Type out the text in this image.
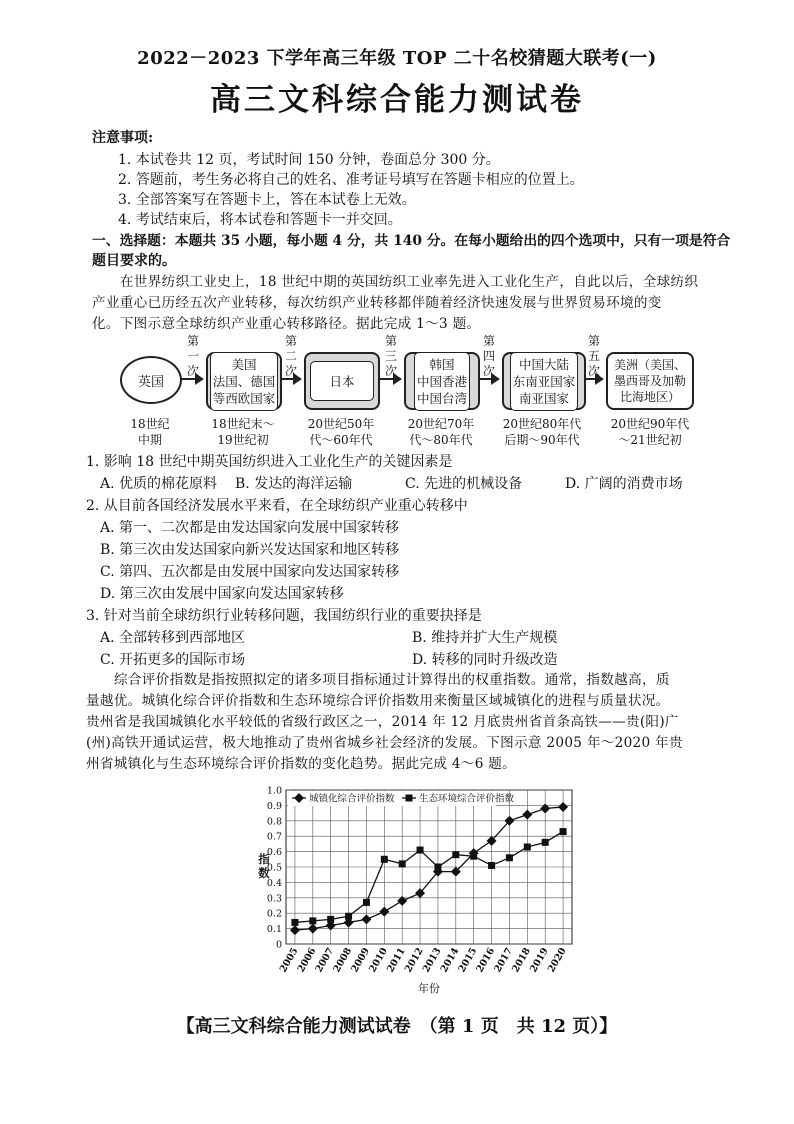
2022－2023 下学年高三年级 TOP 二十名校猜题大联考(一)
高三文科综合能力测试卷
注意事项:
1. 本试卷共 12 页，考试时间 150 分钟，卷面总分 300 分。
2. 答题前，考生务必将自己的姓名、准考证号填写在答题卡相应的位置上。
3. 全部答案写在答题卡上，答在本试卷上无效。
4. 考试结束后，将本试卷和答题卡一并交回。
一、选择题：本题共 35 小题，每小题 4 分，共 140 分。在每小题给出的四个选项中，只有一项是符合
题目要求的。

在世界纺织工业史上，18 世纪中期的英国纺织工业率先进入工业化生产，自此以后，全球纺织

产业重心已历经五次产业转移，每次纺织产业转移都伴随着经济快速发展与世界贸易环境的变

化。下图示意全球纺织产业重心转移路径。据此完成 1～3 题。

英国
美国
法国、德国
等西欧国家
日本
韩国
中国香港
中国台湾
中国大陆
东南亚国家
南亚国家
美洲（美国、
墨西哥及加勒
比海地区）
第
一
次
第
二
次
第
三
次
第
四
次
第
五
次
18世纪
中期
18世纪末～
19世纪初
20世纪50年
代～60年代
20世纪70年
代～80年代
20世纪80年代
后期～90年代
20世纪90年代
～21世纪初
1. 影响 18 世纪中期英国纺织进入工业化生产的关键因素是
A. 优质的棉花原料 B. 发达的海洋运输	C. 先进的机械设备	D. 广阔的消费市场
2. 从目前各国经济发展水平来看，在全球纺织产业重心转移中
A. 第一、二次都是由发达国家向发展中国家转移
B. 第三次由发达国家向新兴发达国家和地区转移
C. 第四、五次都是由发展中国家向发达国家转移
D. 第三次由发展中国家向发达国家转移
3. 针对当前全球纺织行业转移问题，我国纺织行业的重要抉择是
A. 全部转移到西部地区	B. 维持并扩大生产规模
C. 开拓更多的国际市场	D. 转移的同时升级改造

综合评价指数是指按照拟定的诸多项目指标通过计算得出的权重指数。通常，指数越高，质

量越优。城镇化综合评价指数和生态环境综合评价指数用来衡量区域城镇化的进程与质量状况。

贵州省是我国城镇化水平较低的省级行政区之一，2014 年 12 月底贵州省首条高铁——贵(阳)广

(州)高铁开通试运营，极大地推动了贵州省城乡社会经济的发展。下图示意 2005 年～2020 年贵

州省城镇化与生态环境综合评价指数的变化趋势。据此完成 4～6 题。

0
0.1
0.2
0.3
0.4
0.5
0.6
0.7
0.8
0.9
1.0
2005
2006
2007
2008
2009
2010
2011
2012
2013
2014
2015
2016
2017
2018
2019
2020
指
数
年份
城镇化综合评价指数	生态环境综合评价指数
【高三文科综合能力测试试卷　（第 1 页　共 12 页）】
